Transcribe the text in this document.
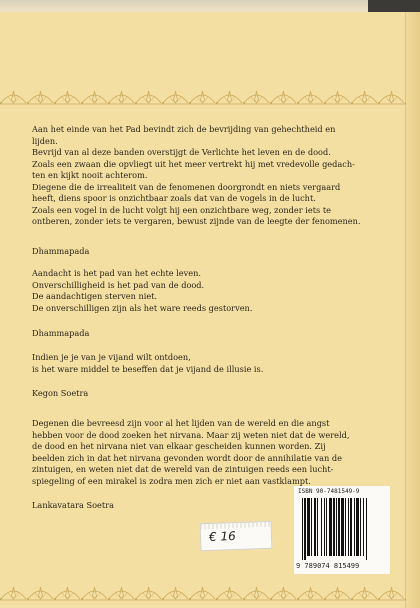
Aan het einde van het Pad bevindt zich de bevrijding van gehechtheid en
lijden.
Bevrijd van al deze banden overstijgt de Verlichte het leven en de dood.
Zoals een zwaan die opvliegt uit het meer vertrekt hij met vredevolle gedach-
ten en kijkt nooit achterom.
Diegene die de irrealiteit van de fenomenen doorgrondt en niets vergaard
heeft, diens spoor is onzichtbaar zoals dat van de vogels in de lucht.
Zoals een vogel in de lucht volgt hij een onzichtbare weg, zonder iets te
ontberen, zonder iets te vergaren, bewust zijnde van de leegte der fenomenen.
Dhammapada
Aandacht is het pad van het echte leven.
Onverschilligheid is het pad van de dood.
De aandachtigen sterven niet.
De onverschilligen zijn als het ware reeds gestorven.
Dhammapada
Indien je je van je vijand wilt ontdoen,
is het ware middel te beseffen dat je vijand de illusie is.
Kegon Soetra
Degenen die bevreesd zijn voor al het lijden van de wereld en die angst
hebben voor de dood zoeken het nirvana. Maar zij weten niet dat de wereld,
de dood en het nirvana niet van elkaar gescheiden kunnen worden. Zij
beelden zich in dat het nirvana gevonden wordt door de annihilatie van de
zintuigen, en weten niet dat de wereld van de zintuigen reeds een lucht-
spiegeling of een mirakel is zodra men zich er niet aan vastklampt.
Lankavatara Soetra
€ 16
ISBN 90-7481549-9
9 789074 815499
